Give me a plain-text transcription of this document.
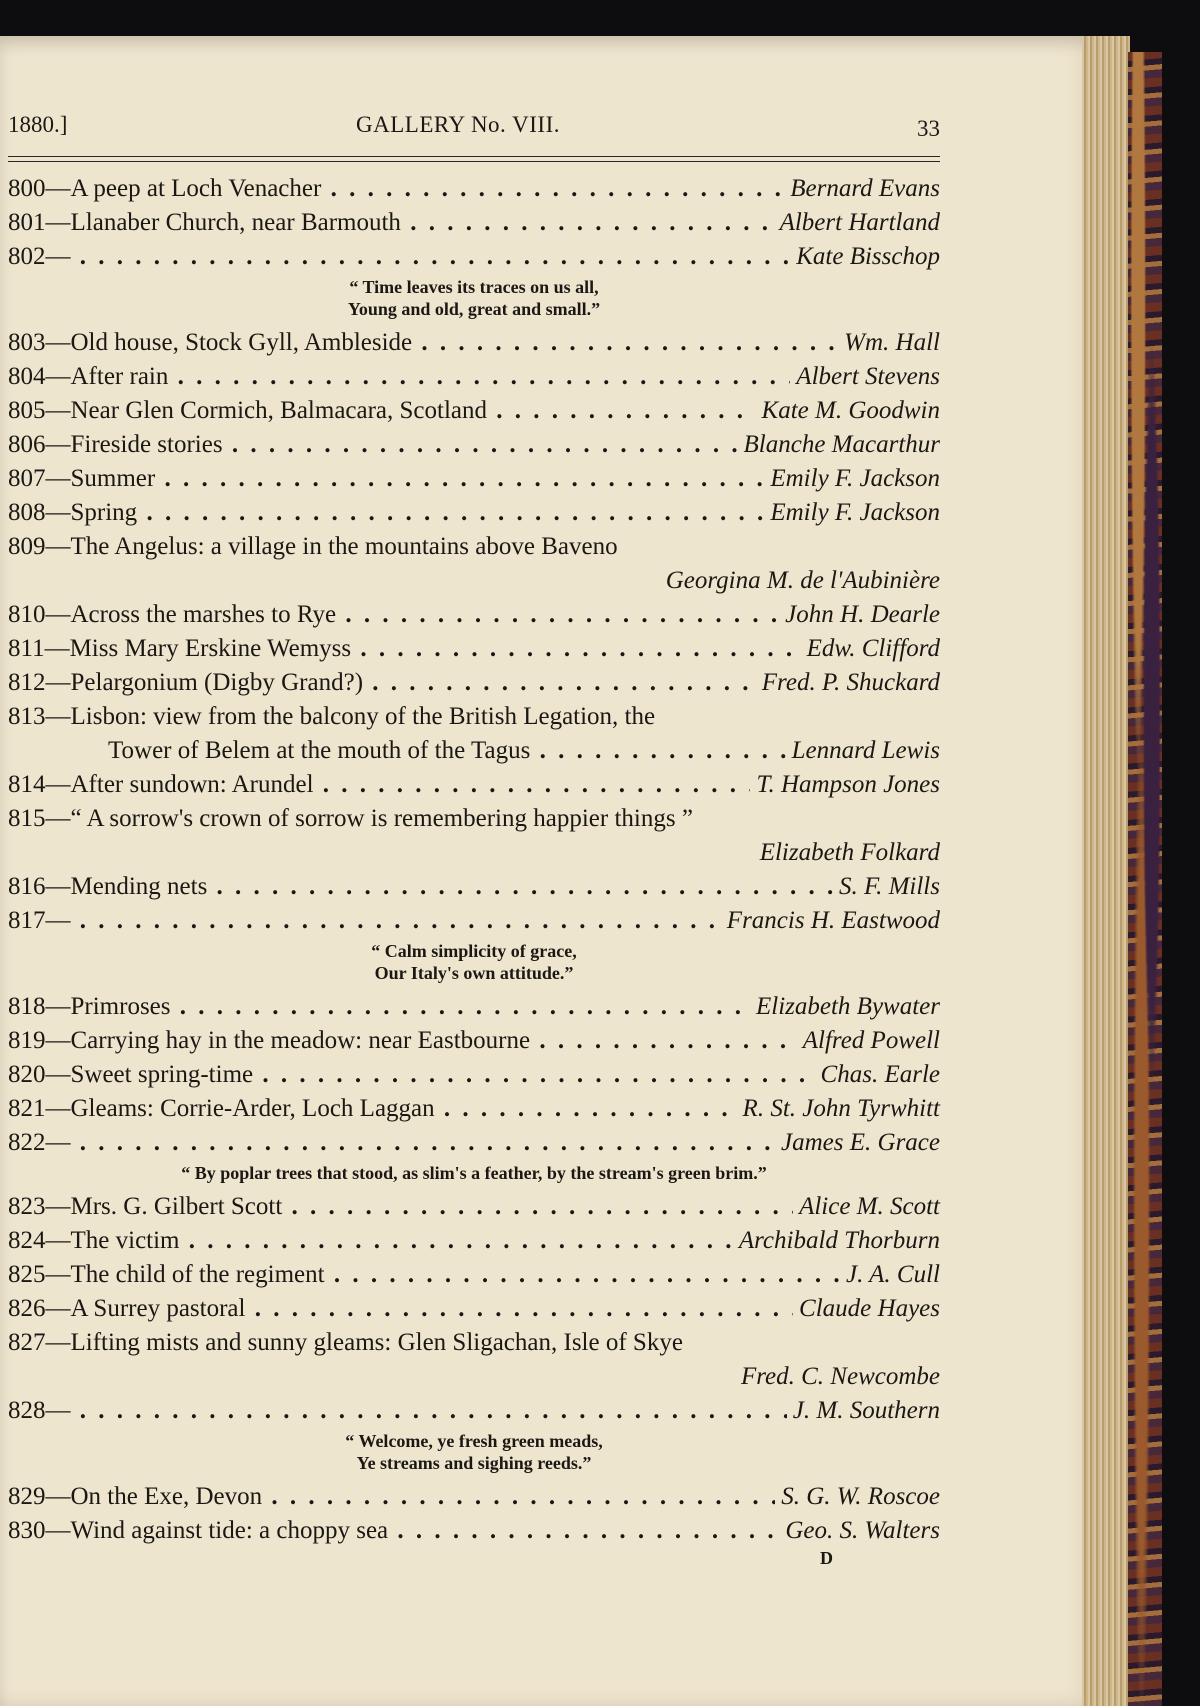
1880.]	GALLERY No. VIII.	33
800—A peep at Loch Venacher . . .	Bernard Evans
801—Llanaber Church, near Barmouth . . .	Albert Hartland
802— . . .	Kate Bisschop
“ Time leaves its traces on us all,
Young and old, great and small.”
803—Old house, Stock Gyll, Ambleside . . .	Wm. Hall
804—After rain . . .	Albert Stevens
805—Near Glen Cormich, Balmacara, Scotland . . .	Kate M. Goodwin
806—Fireside stories . . .	Blanche Macarthur
807—Summer . . .	Emily F. Jackson
808—Spring . . .	Emily F. Jackson
809—The Angelus: a village in the mountains above Baveno
Georgina M. de l'Aubinière
810—Across the marshes to Rye . . .	John H. Dearle
811—Miss Mary Erskine Wemyss . . .	Edw. Clifford
812—Pelargonium (Digby Grand?) . . .	Fred. P. Shuckard
813—Lisbon: view from the balcony of the British Legation, the
Tower of Belem at the mouth of the Tagus . . .	Lennard Lewis
814—After sundown: Arundel . . .	T. Hampson Jones
815—“ A sorrow's crown of sorrow is remembering happier things ”
Elizabeth Folkard
816—Mending nets . . .	S. F. Mills
817— . . .	Francis H. Eastwood
“ Calm simplicity of grace,
Our Italy's own attitude.”
818—Primroses . . .	Elizabeth Bywater
819—Carrying hay in the meadow: near Eastbourne . . .	Alfred Powell
820—Sweet spring-time . . .	Chas. Earle
821—Gleams: Corrie-Arder, Loch Laggan . . .	R. St. John Tyrwhitt
822— . . .	James E. Grace
“ By poplar trees that stood, as slim's a feather, by the stream's green brim.”
823—Mrs. G. Gilbert Scott . . .	Alice M. Scott
824—The victim . . .	Archibald Thorburn
825—The child of the regiment . . .	J. A. Cull
826—A Surrey pastoral . . .	Claude Hayes
827—Lifting mists and sunny gleams: Glen Sligachan, Isle of Skye
Fred. C. Newcombe
828— . . .	J. M. Southern
“ Welcome, ye fresh green meads,
Ye streams and sighing reeds.”
829—On the Exe, Devon . . .	S. G. W. Roscoe
830—Wind against tide: a choppy sea . . .	Geo. S. Walters
D
